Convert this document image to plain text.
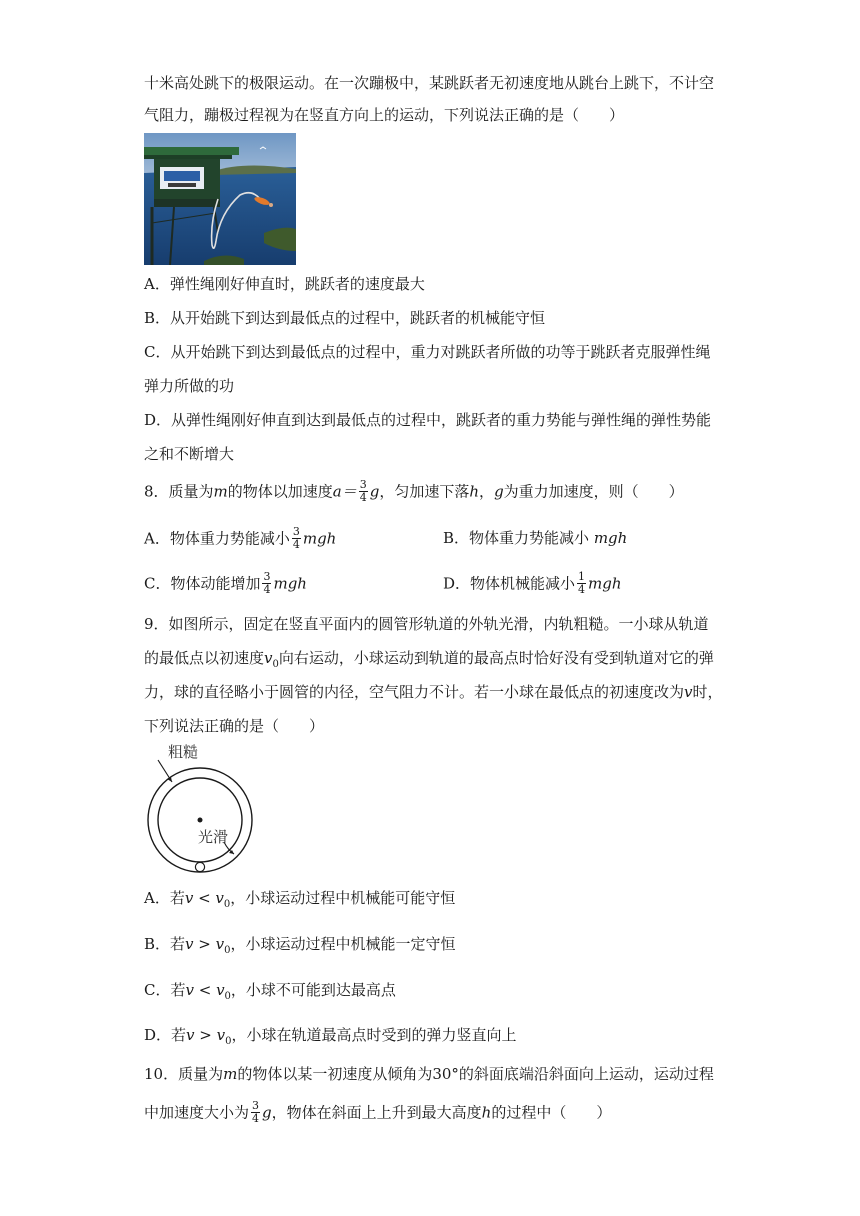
十米高处跳下的极限运动。在一次蹦极中，某跳跃者无初速度地从跳台上跳下，不计空
气阻力，蹦极过程视为在竖直方向上的运动，下列说法正确的是（　　）
A．弹性绳刚好伸直时，跳跃者的速度最大
B．从开始跳下到达到最低点的过程中，跳跃者的机械能守恒
C．从开始跳下到达到最低点的过程中，重力对跳跃者所做的功等于跳跃者克服弹性绳
弹力所做的功
D．从弹性绳刚好伸直到达到最低点的过程中，跳跃者的重力势能与弹性绳的弹性势能
之和不断增大
8．质量为m的物体以加速度$a= \frac{3}{4}$ g，匀加速下落h，g为重力加速度，则（　　）
A．物体重力势能减小 $\frac{3}{4}$ mgh	B．物体重力势能减小 mgh
C．物体动能增加 $\frac{3}{4}$ mgh	D．物体机械能减小 $\frac{1}{4}$ mgh
9．如图所示，固定在竖直平面内的圆管形轨道的外轨光滑，内轨粗糙。一小球从轨道
的最低点以初速度$v_0$向右运动，小球运动到轨道的最高点时恰好没有受到轨道对它的弹
力，球的直径略小于圆管的内径，空气阻力不计。若一小球在最低点的初速度改为v时，
下列说法正确的是（　　）
粗糙
光滑
A．若$v < v_0$，小球运动过程中机械能可能守恒
B．若$v > v_0$，小球运动过程中机械能一定守恒
C．若$v < v_0$，小球不可能到达最高点
D．若$v > v_0$，小球在轨道最高点时受到的弹力竖直向上
10．质量为m的物体以某一初速度从倾角为30°的斜面底端沿斜面向上运动，运动过程
中加速度大小为 $\frac{3}{4}$ g，物体在斜面上上升到最大高度h的过程中（　　）
